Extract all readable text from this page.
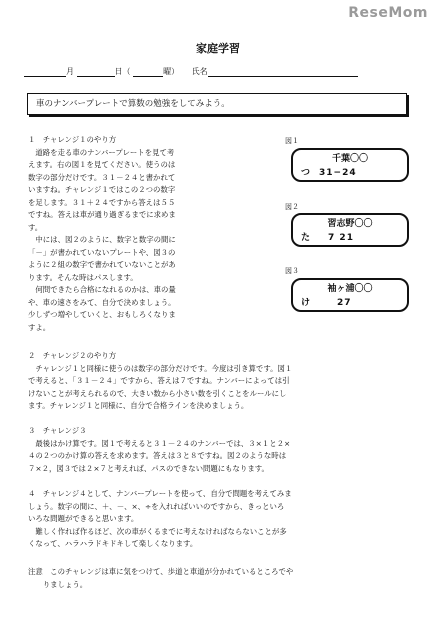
ReseMom
家庭学習
月	日（	曜） 氏名
車のナンバープレートで算数の勉強をしてみよう。
１　チャレンジ１のやり方

　道路を走る車のナンバープレートを見て考

えます。右の図１を見てください。使うのは

数字の部分だけです。３１－２４と書かれて

いますね。チャレンジ１ではこの２つの数字

を足します。３１＋２４ですから答えは５５

ですね。答えは車が通り過ぎるまでに求めま

す。

　中には、図２のように、数字と数字の間に

「－」が書かれていないプレートや、図３の

ように２組の数字で書かれていないことがあ

ります。そんな時はパスします。

　何問できたら合格になれるのかは、車の量

や、車の速さをみて、自分で決めましょう。

少しずつ増やしていくと、おもしろくなりま

すよ。

図１
千葉〇〇
つ　 31−24
図２
習志野〇〇
た　　 7 21
図３
袖ヶ浦〇〇
け　　　	27
２　チャレンジ２のやり方

　チャレンジ１と同様に使うのは数字の部分だけです。今度は引き算です。図１

で考えると、「３１－２４」ですから、答えは７ですね。ナンバーによっては引

けないことが考えられるので、大きい数から小さい数を引くことをルールにし

ます。チャレンジ１と同様に、自分で合格ラインを決めましょう。

３　チャレンジ３

　最後はかけ算です。図１で考えると３１－２４のナンバーでは、３×１と２×

４の２つのかけ算の答えを求めます。答えは３と８ですね。図２のような時は

７×２，図３では２×７と考えれば、パスのできない問題にもなります。

４　チャレンジ４として、ナンバープレートを使って、自分で問題を考えてみま

しょう。数字の間に、＋、－、×、÷を入れればいいのですから、きっといろ

いろな問題ができると思います。

　難しく作れば作るほど、次の車がくるまでに考えなければならないことが多

くなって、ハラハラドキドキして楽しくなります。

注意　このチャレンジは車に気をつけて、歩道と車道が分かれているところでや

　　りましょう。
